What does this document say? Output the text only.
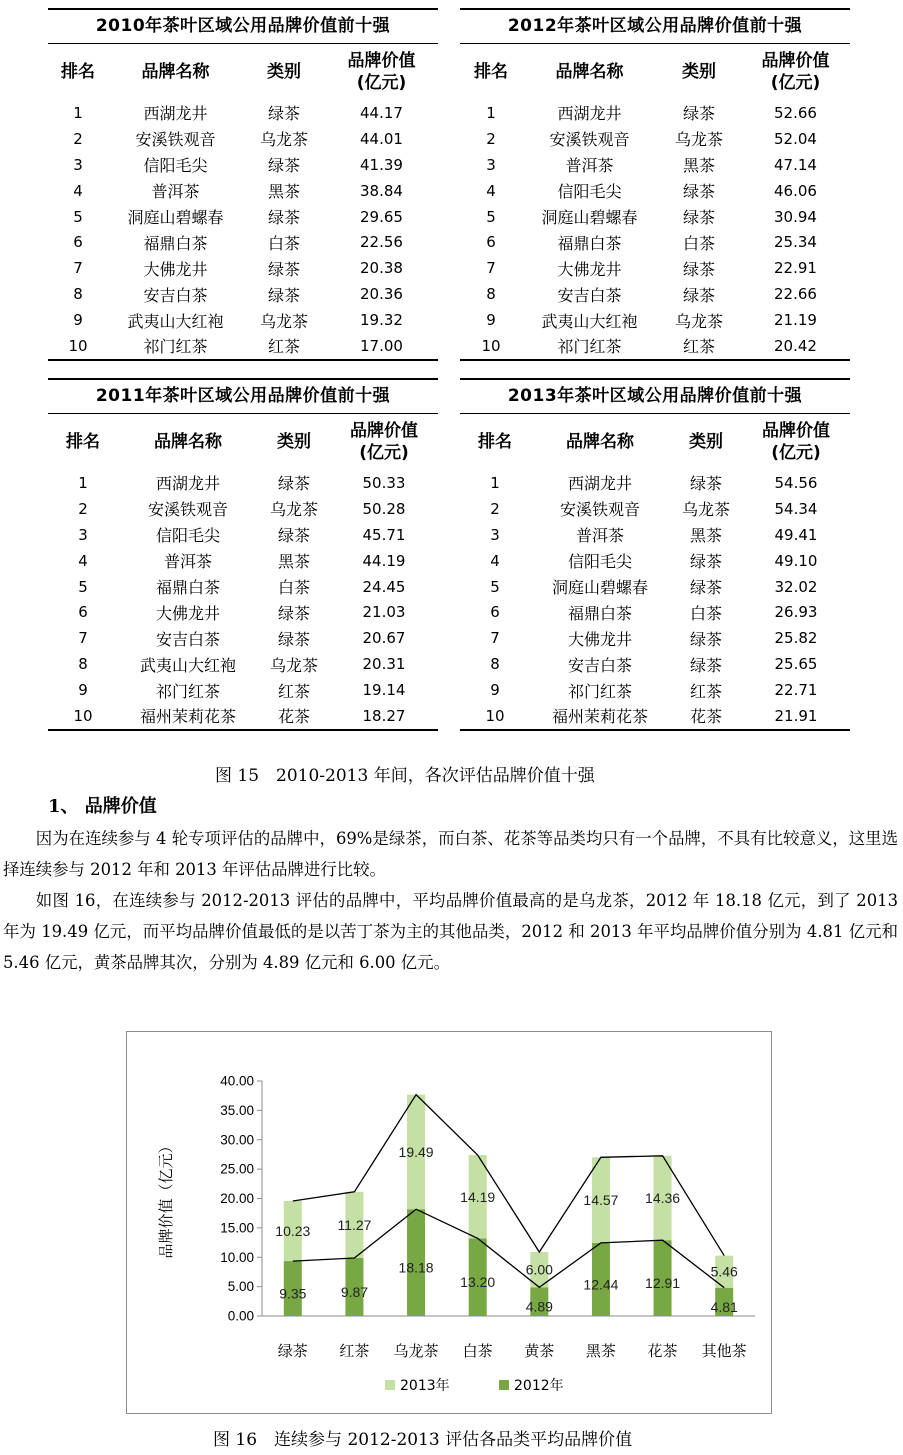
2010年茶叶区域公用品牌价值前十强
排名	品牌名称	类别	品牌价值
(亿元)
1	西湖龙井	绿茶	44.17
2	安溪铁观音	乌龙茶	44.01
3	信阳毛尖	绿茶	41.39
4	普洱茶	黑茶	38.84
5	洞庭山碧螺春	绿茶	29.65
6	福鼎白茶	白茶	22.56
7	大佛龙井	绿茶	20.38
8	安吉白茶	绿茶	20.36
9	武夷山大红袍	乌龙茶	19.32
10	祁门红茶	红茶	17.00
2012年茶叶区域公用品牌价值前十强
排名	品牌名称	类别	品牌价值
(亿元)
1	西湖龙井	绿茶	52.66
2	安溪铁观音	乌龙茶	52.04
3	普洱茶	黑茶	47.14
4	信阳毛尖	绿茶	46.06
5	洞庭山碧螺春	绿茶	30.94
6	福鼎白茶	白茶	25.34
7	大佛龙井	绿茶	22.91
8	安吉白茶	绿茶	22.66
9	武夷山大红袍	乌龙茶	21.19
10	祁门红茶	红茶	20.42
2011年茶叶区域公用品牌价值前十强
排名	品牌名称	类别	品牌价值
(亿元)
1	西湖龙井	绿茶	50.33
2	安溪铁观音	乌龙茶	50.28
3	信阳毛尖	绿茶	45.71
4	普洱茶	黑茶	44.19
5	福鼎白茶	白茶	24.45
6	大佛龙井	绿茶	21.03
7	安吉白茶	绿茶	20.67
8	武夷山大红袍	乌龙茶	20.31
9	祁门红茶	红茶	19.14
10	福州茉莉花茶	花茶	18.27
2013年茶叶区域公用品牌价值前十强
排名	品牌名称	类别	品牌价值
(亿元)
1	西湖龙井	绿茶	54.56
2	安溪铁观音	乌龙茶	54.34
3	普洱茶	黑茶	49.41
4	信阳毛尖	绿茶	49.10
5	洞庭山碧螺春	绿茶	32.02
6	福鼎白茶	白茶	26.93
7	大佛龙井	绿茶	25.82
8	安吉白茶	绿茶	25.65
9	祁门红茶	红茶	22.71
10	福州茉莉花茶	花茶	21.91
图 15　2010-2013 年间，各次评估品牌价值十强
1、 品牌价值

因为在连续参与 4 轮专项评估的品牌中，69%是绿茶，而白茶、花茶等品类均只有一个品牌，不具有比较意义，这里选择连续参与 2012 年和 2013 年评估品牌进行比较。

如图 16，在连续参与 2012-2013 评估的品牌中，平均品牌价值最高的是乌龙茶，2012 年 18.18 亿元，到了 2013 年为 19.49 亿元，而平均品牌价值最低的是以苦丁茶为主的其他品类，2012 和 2013 年平均品牌价值分别为 4.81 亿元和 5.46 亿元，黄茶品牌其次，分别为 4.89 亿元和 6.00 亿元。

0.00
5.00
10.00
15.00
20.00
25.00
30.00
35.00
40.00
品牌价值（亿元）
9.35
10.23
绿茶
9.87
11.27
红茶
18.18
19.49
乌龙茶
13.20
14.19
白茶
4.89
6.00
黄茶
12.44
14.57
黑茶
12.91
14.36
花茶
4.81
5.46
其他茶
2013年	2012年
图 16　连续参与 2012-2013 评估各品类平均品牌价值
